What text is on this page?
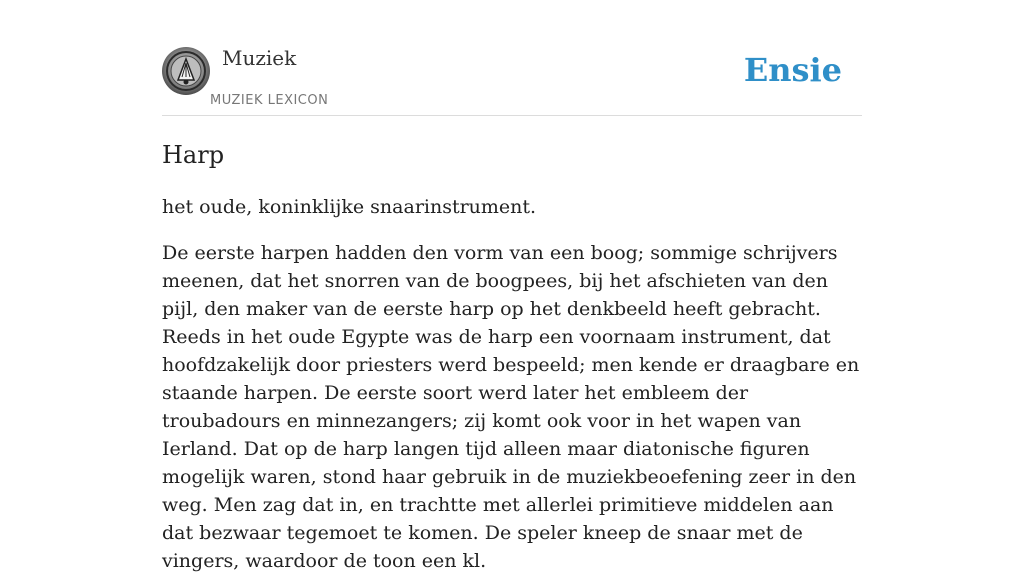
Muziek
MUZIEK LEXICON
Ensie
Harp

het oude, koninklijke snaarinstrument.

De eerste harpen hadden den vorm van een boog; sommige schrijvers meenen, dat het snorren van de boogpees, bij het afschieten van den pijl, den maker van de eerste harp op het denkbeeld heeft gebracht. Reeds in het oude Egypte was de harp een voornaam instrument, dat hoofdzakelijk door priesters werd bespeeld; men kende er draagbare en staande harpen. De eerste soort werd later het embleem der troubadours en minnezangers; zij komt ook voor in het wapen van Ierland. Dat op de harp langen tijd alleen maar diatonische figuren mogelijk waren, stond haar gebruik in de muziekbeoefening zeer in den weg. Men zag dat in, en trachtte met allerlei primitieve middelen aan dat bezwaar tegemoet te komen. De speler kneep de snaar met de vingers, waardoor de toon een kl.
